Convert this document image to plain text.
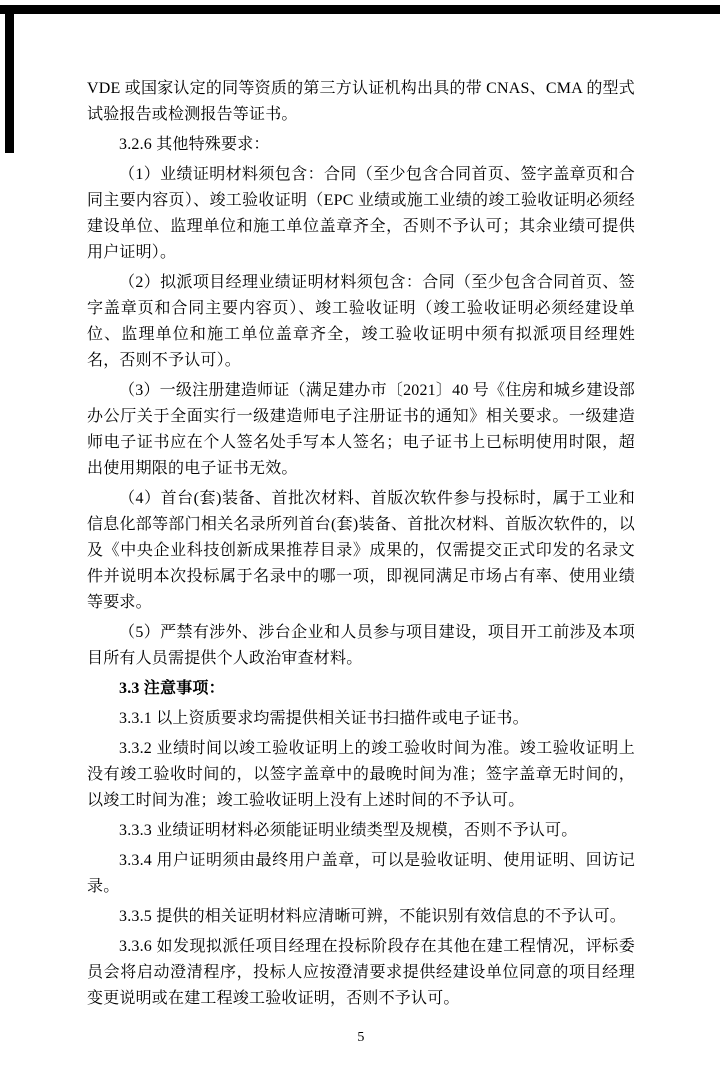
VDE 或国家认定的同等资质的第三方认证机构出具的带 CNAS、CMA 的型式试验报告或检测报告等证书。

3.2.6 其他特殊要求：

（1）业绩证明材料须包含：合同（至少包含合同首页、签字盖章页和合同主要内容页）、竣工验收证明（EPC 业绩或施工业绩的竣工验收证明必须经建设单位、监理单位和施工单位盖章齐全，否则不予认可；其余业绩可提供用户证明）。

（2）拟派项目经理业绩证明材料须包含：合同（至少包含合同首页、签字盖章页和合同主要内容页）、竣工验收证明（竣工验收证明必须经建设单位、监理单位和施工单位盖章齐全，竣工验收证明中须有拟派项目经理姓名，否则不予认可）。

（3）一级注册建造师证（满足建办市〔2021〕40 号《住房和城乡建设部办公厅关于全面实行一级建造师电子注册证书的通知》相关要求。一级建造师电子证书应在个人签名处手写本人签名；电子证书上已标明使用时限，超出使用期限的电子证书无效。

（4）首台(套)装备、首批次材料、首版次软件参与投标时，属于工业和信息化部等部门相关名录所列首台(套)装备、首批次材料、首版次软件的，以及《中央企业科技创新成果推荐目录》成果的，仅需提交正式印发的名录文件并说明本次投标属于名录中的哪一项，即视同满足市场占有率、使用业绩等要求。

（5）严禁有涉外、涉台企业和人员参与项目建设，项目开工前涉及本项目所有人员需提供个人政治审查材料。

3.3 注意事项：

3.3.1 以上资质要求均需提供相关证书扫描件或电子证书。

3.3.2 业绩时间以竣工验收证明上的竣工验收时间为准。竣工验收证明上没有竣工验收时间的，以签字盖章中的最晚时间为准；签字盖章无时间的，以竣工时间为准；竣工验收证明上没有上述时间的不予认可。

3.3.3 业绩证明材料必须能证明业绩类型及规模，否则不予认可。

3.3.4 用户证明须由最终用户盖章，可以是验收证明、使用证明、回访记录。

3.3.5 提供的相关证明材料应清晰可辨，不能识别有效信息的不予认可。

3.3.6 如发现拟派任项目经理在投标阶段存在其他在建工程情况，评标委员会将启动澄清程序，投标人应按澄清要求提供经建设单位同意的项目经理变更说明或在建工程竣工验收证明，否则不予认可。

5
